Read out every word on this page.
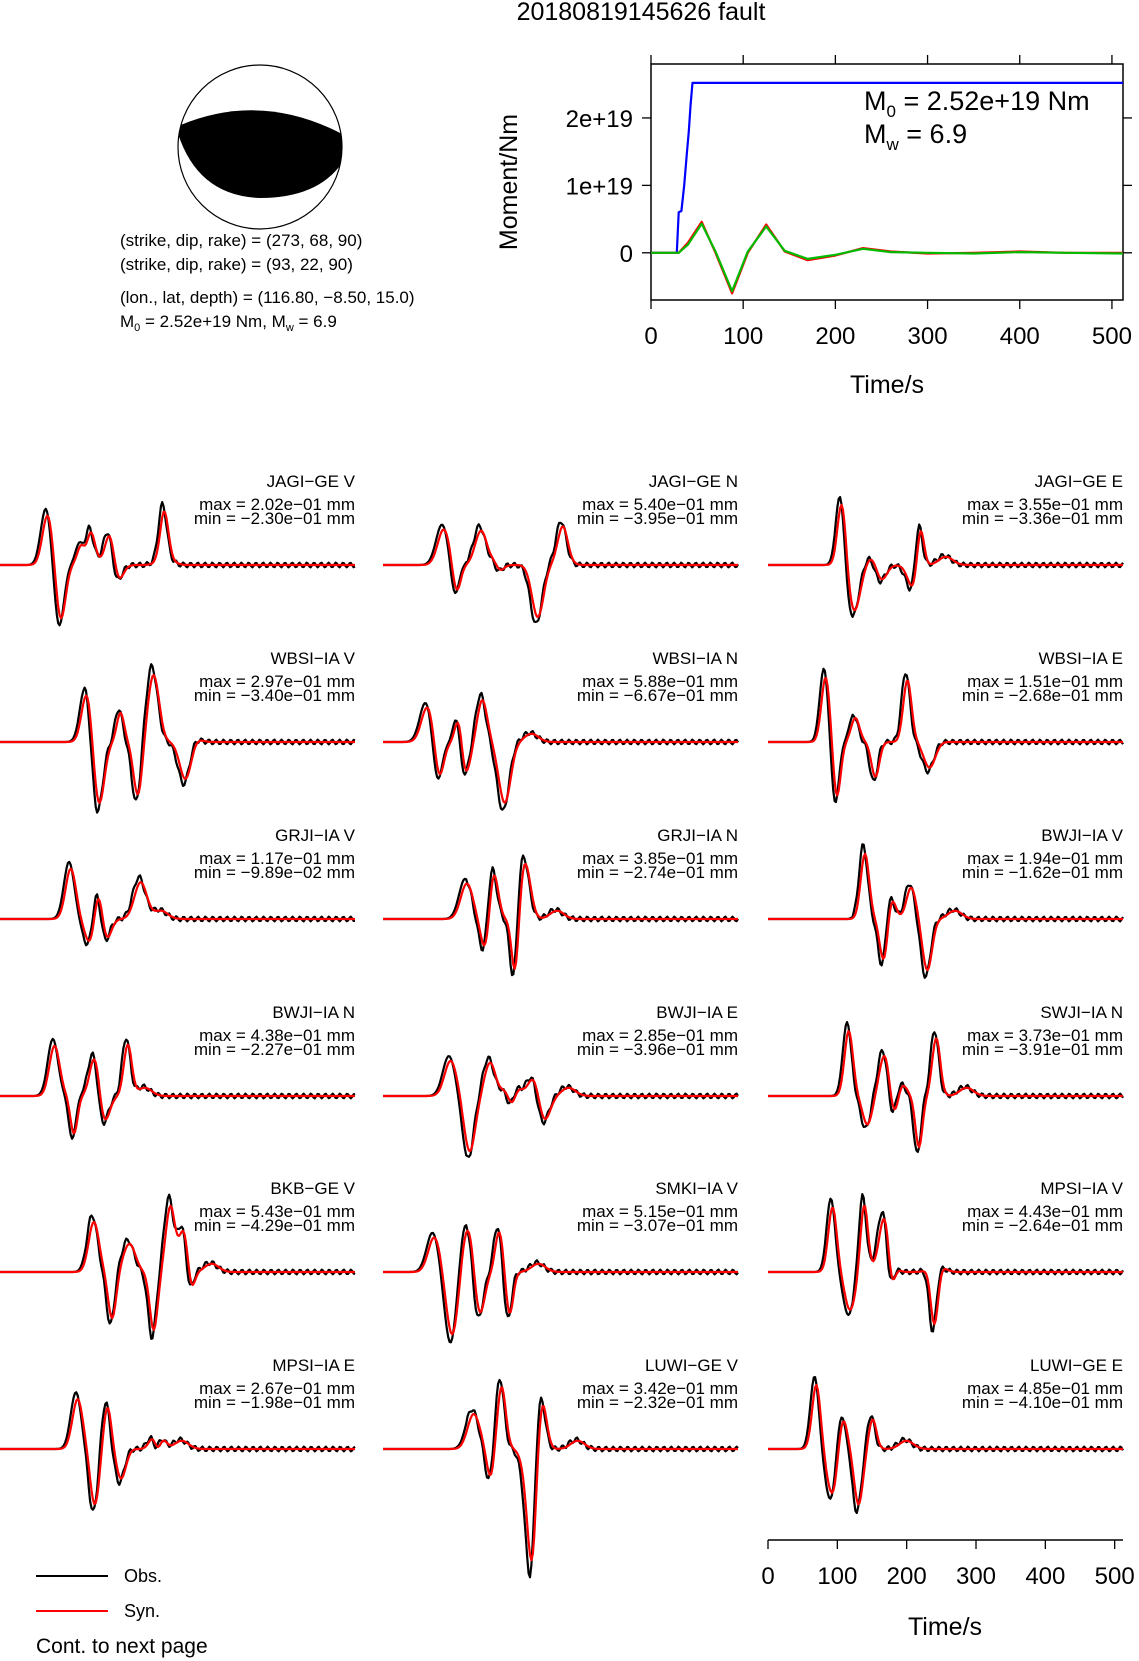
20180819145626 fault
(strike, dip, rake) = (273, 68, 90)
(strike, dip, rake) = (93, 22, 90)
(lon., lat, depth) = (116.80, −8.50, 15.0)
$M_0 = 2.52e+19$ Nm, $M_w = 6.9$
0	100 200 300 400 500
0
1e+19
2e+19
Moment/Nm
Time/s
$M_0 = 2.52e+19$ Nm
$M_w = 6.9$
JAGI−GE V
max = 2.02e−01 mm
min = −2.30e−01 mm
JAGI−GE N
max = 5.40e−01 mm
min = −3.95e−01 mm
JAGI−GE E
max = 3.55e−01 mm
min = −3.36e−01 mm
WBSI−IA V
max = 2.97e−01 mm
min = −3.40e−01 mm
WBSI−IA N
max = 5.88e−01 mm
min = −6.67e−01 mm
WBSI−IA E
max = 1.51e−01 mm
min = −2.68e−01 mm
GRJI−IA V
max = 1.17e−01 mm
min = −9.89e−02 mm
GRJI−IA N
max = 3.85e−01 mm
min = −2.74e−01 mm
BWJI−IA V
max = 1.94e−01 mm
min = −1.62e−01 mm
BWJI−IA N
max = 4.38e−01 mm
min = −2.27e−01 mm
BWJI−IA E
max = 2.85e−01 mm
min = −3.96e−01 mm
SWJI−IA N
max = 3.73e−01 mm
min = −3.91e−01 mm
BKB−GE V
max = 5.43e−01 mm
min = −4.29e−01 mm
SMKI−IA V
max = 5.15e−01 mm
min = −3.07e−01 mm
MPSI−IA V
max = 4.43e−01 mm
min = −2.64e−01 mm
MPSI−IA E
max = 2.67e−01 mm
min = −1.98e−01 mm
LUWI−GE V
max = 3.42e−01 mm
min = −2.32e−01 mm
LUWI−GE E
max = 4.85e−01 mm
min = −4.10e−01 mm
0 100 200 300 400 500
Time/s
Obs.
Syn.
Cont. to next page
